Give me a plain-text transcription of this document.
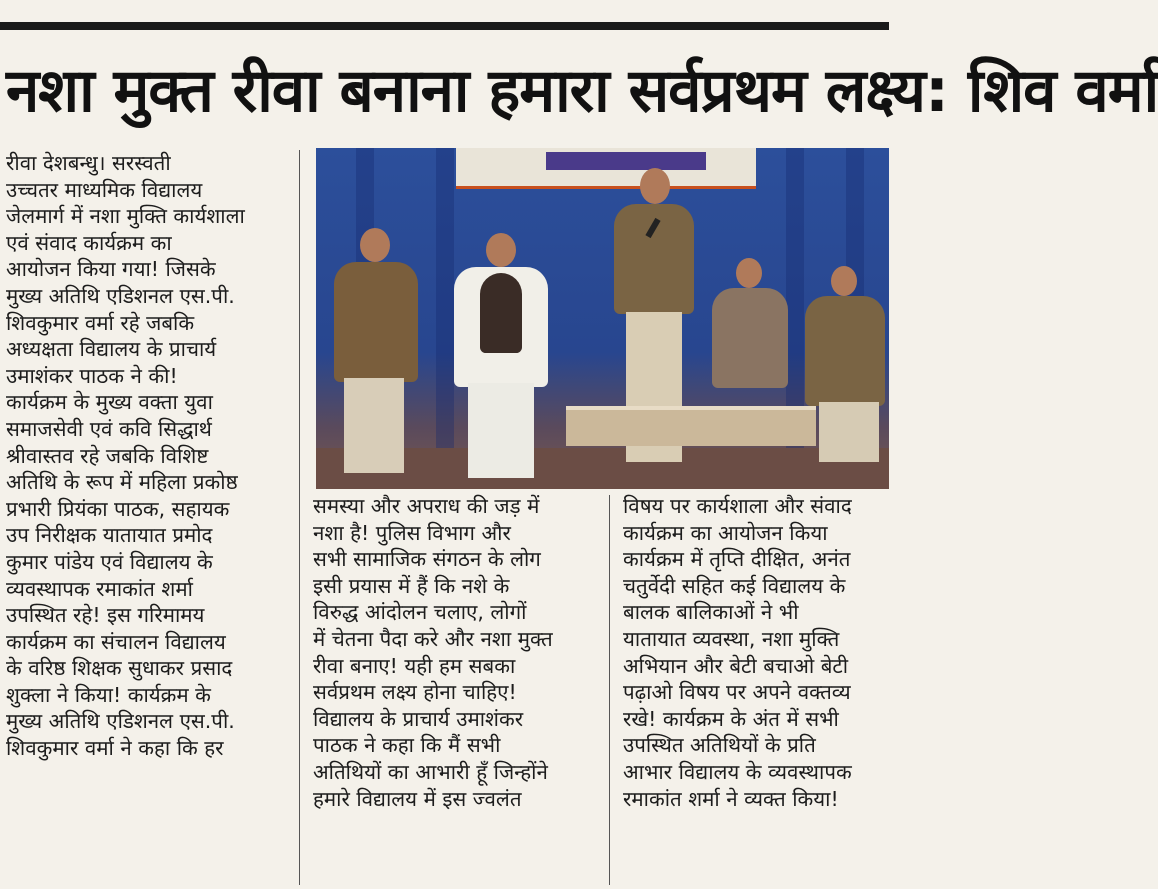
नशा मुक्त रीवा बनाना हमारा सर्वप्रथम लक्ष्य: शिव वर्मा
रीवा देशबन्धु। सरस्वती
उच्चतर माध्यमिक विद्यालय
जेलमार्ग में नशा मुक्ति कार्यशाला
एवं संवाद कार्यक्रम का
आयोजन किया गया! जिसके
मुख्य अतिथि एडिशनल एस.पी.
शिवकुमार वर्मा रहे जबकि
अध्यक्षता विद्यालय के प्राचार्य
उमाशंकर पाठक ने की!
कार्यक्रम के मुख्य वक्ता युवा
समाजसेवी एवं कवि सिद्धार्थ
श्रीवास्तव रहे जबकि विशिष्ट
अतिथि के रूप में महिला प्रकोष्ठ
प्रभारी प्रियंका पाठक, सहायक
उप निरीक्षक यातायात प्रमोद
कुमार पांडेय एवं विद्यालय के
व्यवस्थापक रमाकांत शर्मा
उपस्थित रहे! इस गरिमामय
कार्यक्रम का संचालन विद्यालय
के वरिष्ठ शिक्षक सुधाकर प्रसाद
शुक्ला ने किया! कार्यक्रम के
मुख्य अतिथि एडिशनल एस.पी.
शिवकुमार वर्मा ने कहा कि हर
समस्या और अपराध की जड़ में
नशा है! पुलिस विभाग और
सभी सामाजिक संगठन के लोग
इसी प्रयास में हैं कि नशे के
विरुद्ध आंदोलन चलाए, लोगों
में चेतना पैदा करे और नशा मुक्त
रीवा बनाए! यही हम सबका
सर्वप्रथम लक्ष्य होना चाहिए!
विद्यालय के प्राचार्य उमाशंकर
पाठक ने कहा कि मैं सभी
अतिथियों का आभारी हूँ जिन्होंने
हमारे विद्यालय में इस ज्वलंत
विषय पर कार्यशाला और संवाद
कार्यक्रम का आयोजन किया
कार्यक्रम में तृप्ति दीक्षित, अनंत
चतुर्वेदी सहित कई विद्यालय के
बालक बालिकाओं ने भी
यातायात व्यवस्था, नशा मुक्ति
अभियान और बेटी बचाओ बेटी
पढ़ाओ विषय पर अपने वक्तव्य
रखे! कार्यक्रम के अंत में सभी
उपस्थित अतिथियों के प्रति
आभार विद्यालय के व्यवस्थापक
रमाकांत शर्मा ने व्यक्त किया!
